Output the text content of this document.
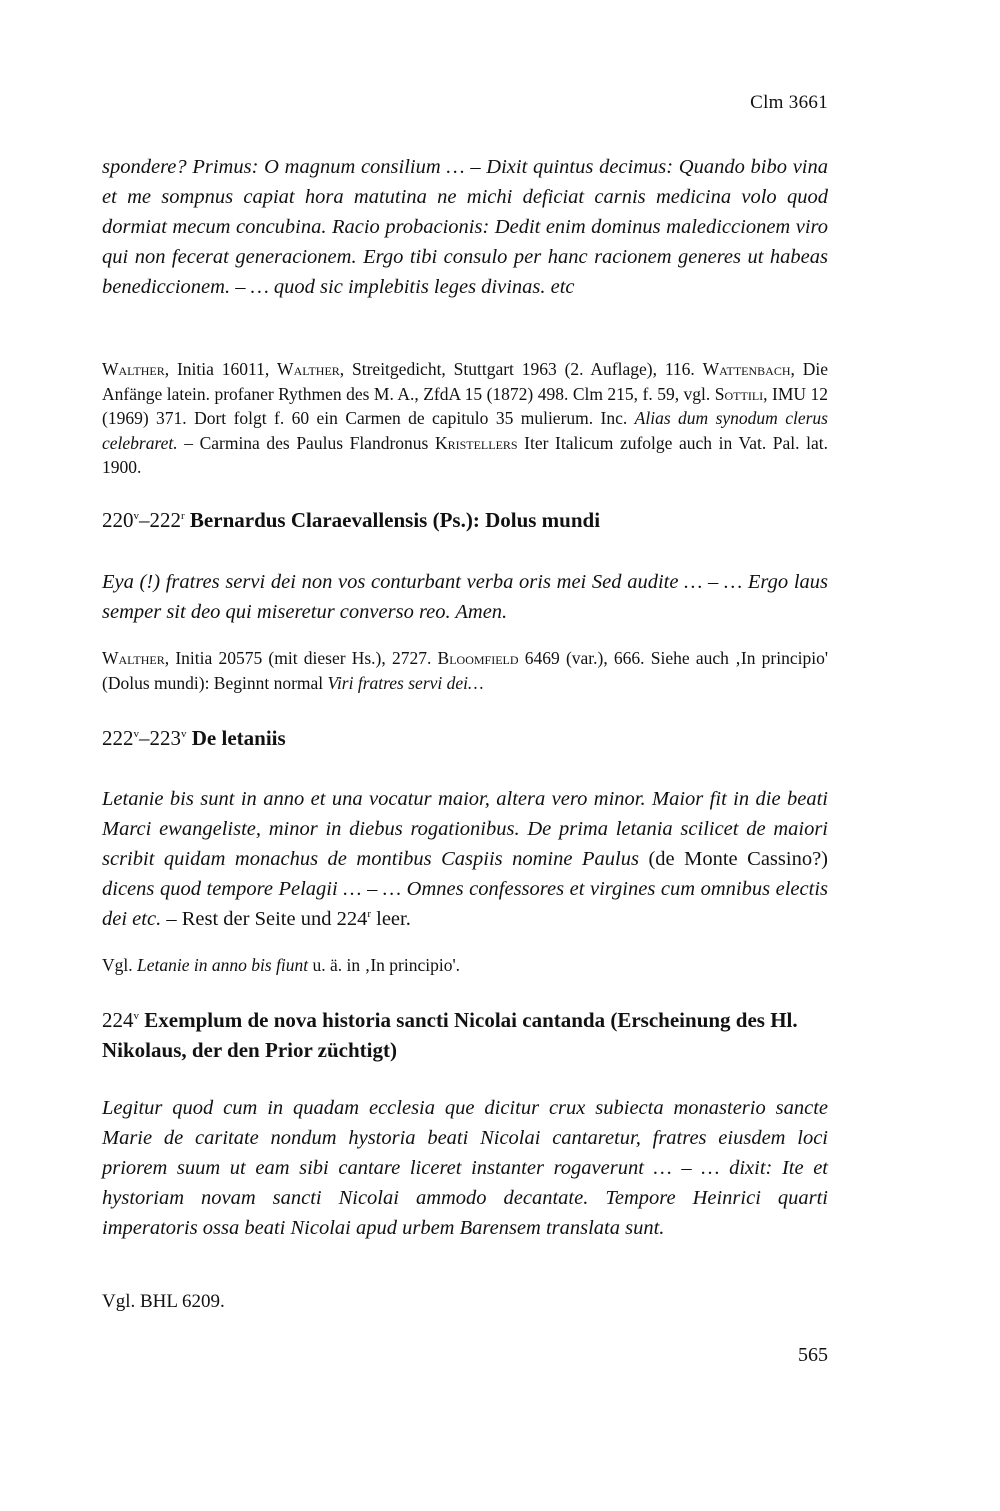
Clm 3661

spondere? Primus: O magnum consilium … – Dixit quintus decimus: Quando bibo vina et me sompnus capiat hora matutina ne michi deficiat carnis medicina volo quod dormiat mecum concubina. Racio probacionis: Dedit enim dominus malediccionem viro qui non fecerat generacionem. Ergo tibi consulo per hanc racionem generes ut habeas benediccionem. – … quod sic implebitis leges divinas. etc

Walther, Initia 16011, Walther, Streitgedicht, Stuttgart 1963 (2. Auflage), 116. Wattenbach, Die Anfänge latein. profaner Rythmen des M. A., ZfdA 15 (1872) 498. Clm 215, f. 59, vgl. Sottili, IMU 12 (1969) 371. Dort folgt f. 60 ein Carmen de capitulo 35 mulierum. Inc. Alias dum synodum clerus celebraret. – Carmina des Paulus Flandronus Kristellers Iter Italicum zufolge auch in Vat. Pal. lat. 1900.

220$^v$–222$^r$ Bernardus Claraevallensis (Ps.): Dolus mundi

Eya (!) fratres servi dei non vos conturbant verba oris mei Sed audite … – … Ergo laus semper sit deo qui miseretur converso reo. Amen.

Walther, Initia 20575 (mit dieser Hs.), 2727. Bloomfield 6469 (var.), 666. Siehe auch ‚In principio' (Dolus mundi): Beginnt normal Viri fratres servi dei…

222$^v$–223$^v$ De letaniis

Letanie bis sunt in anno et una vocatur maior, altera vero minor. Maior fit in die beati Marci ewangeliste, minor in diebus rogationibus. De prima letania scilicet de maiori scribit quidam monachus de montibus Caspiis nomine Paulus (de Monte Cassino?) dicens quod tempore Pelagii … – … Omnes confessores et virgines cum omnibus electis dei etc. – Rest der Seite und 224$^r$ leer.

Vgl. Letanie in anno bis fiunt u. ä. in ‚In principio'.

224$^v$ Exemplum de nova historia sancti Nicolai cantanda (Erscheinung des Hl. Nikolaus, der den Prior züchtigt)

Legitur quod cum in quadam ecclesia que dicitur crux subiecta monasterio sancte Marie de caritate nondum hystoria beati Nicolai cantaretur, fratres eiusdem loci priorem suum ut eam sibi cantare liceret instanter rogaverunt … – … dixit: Ite et hystoriam novam sancti Nicolai ammodo decantate. Tempore Heinrici quarti imperatoris ossa beati Nicolai apud urbem Barensem translata sunt.

Vgl. BHL 6209.

565
